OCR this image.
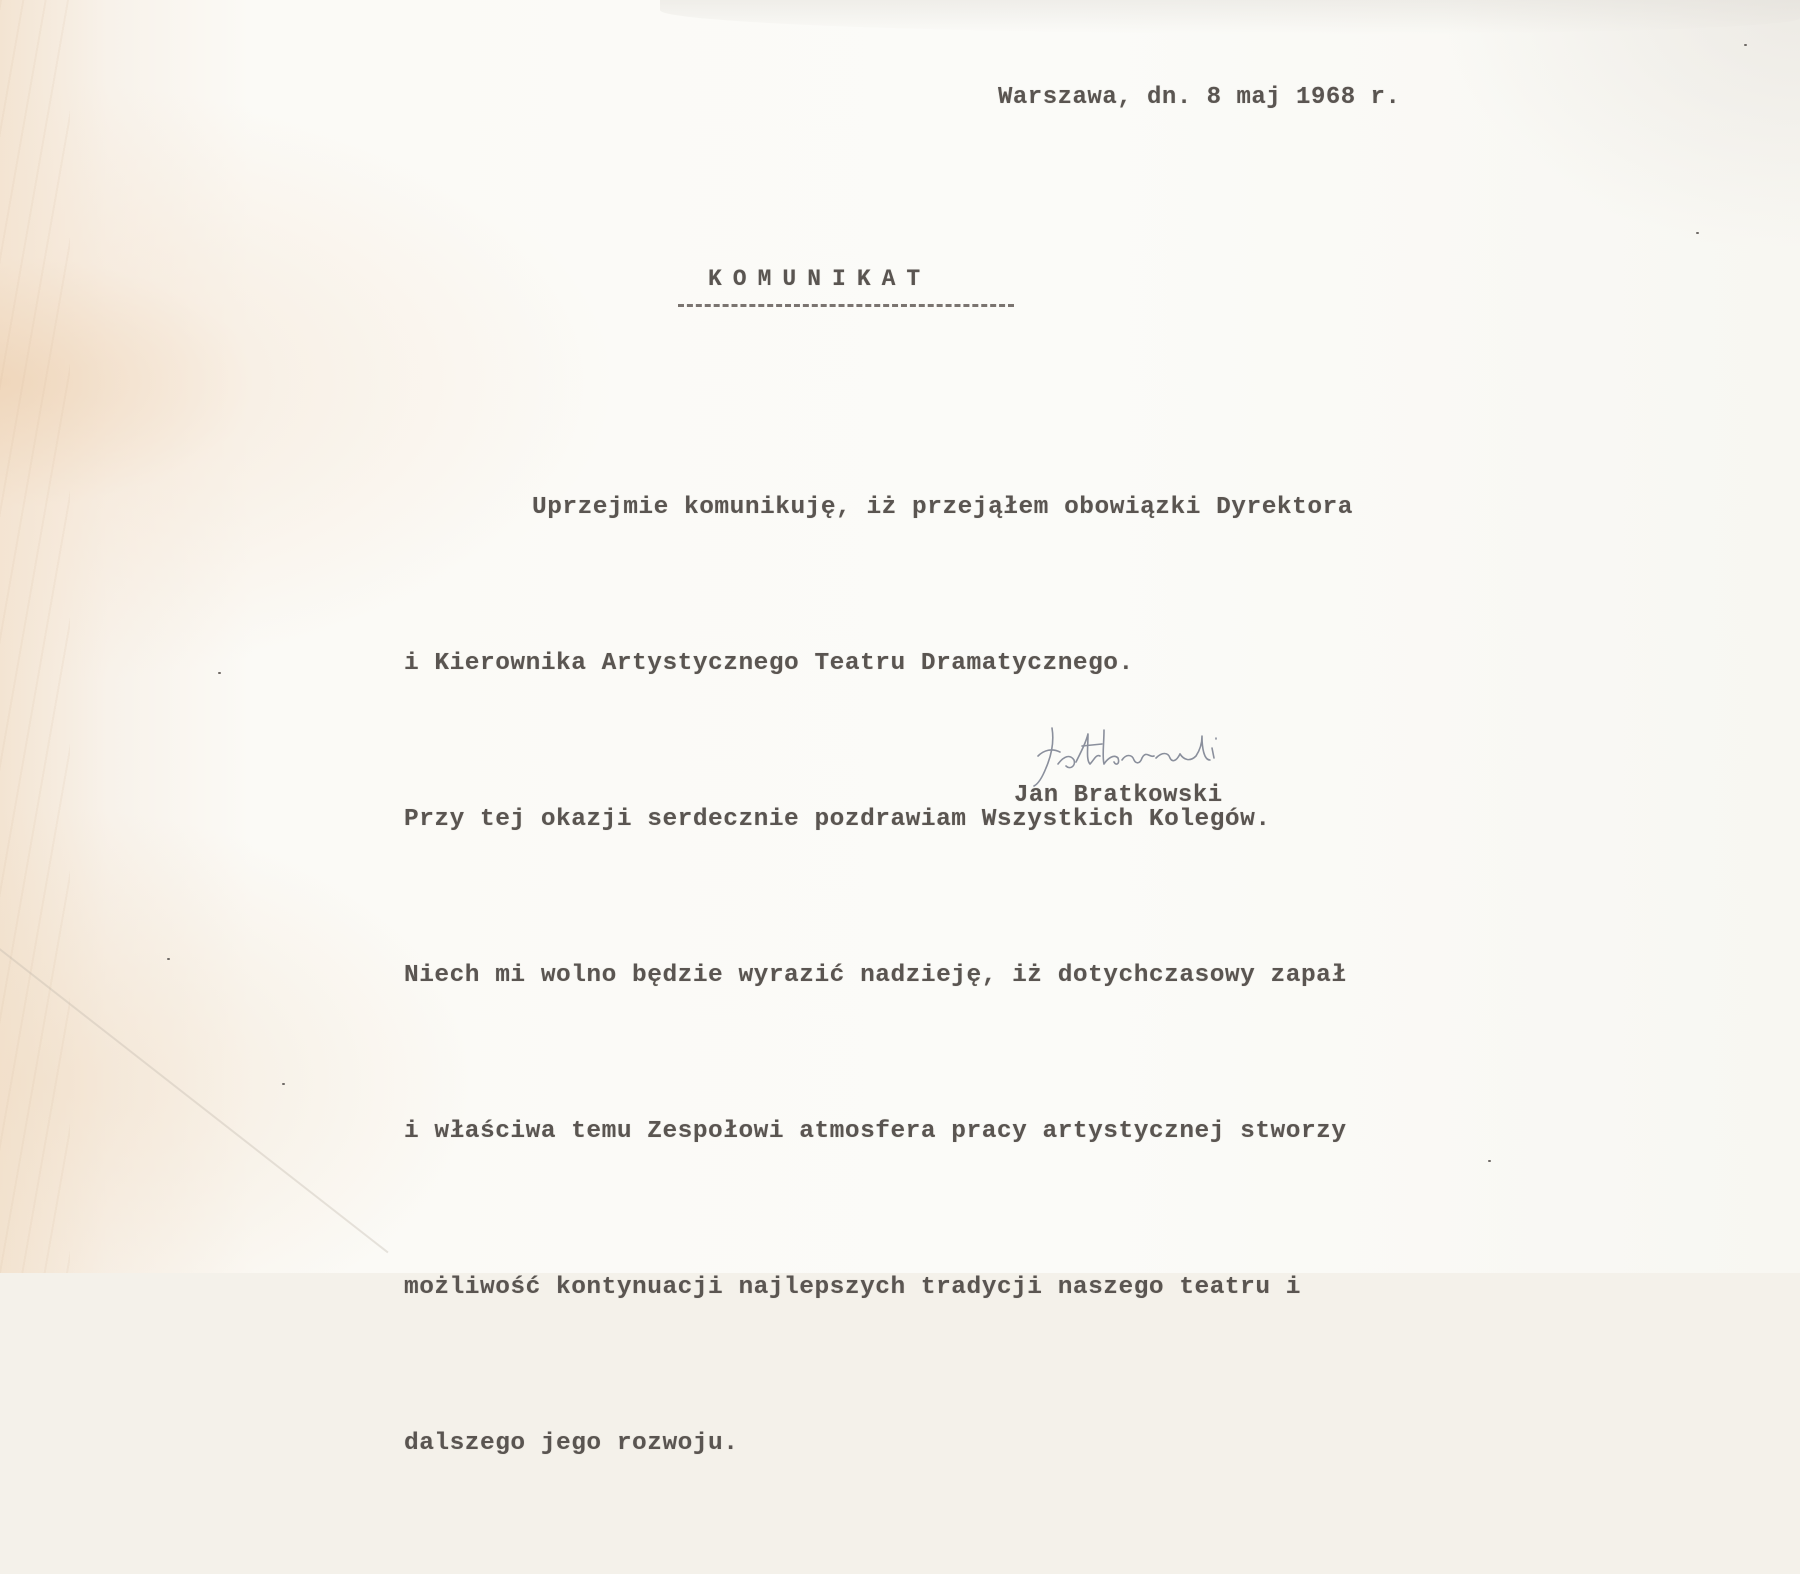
Warszawa, dn. 8 maj 1968 r.

KOMUNIKAT

Uprzejmie komunikuję, iż przejąłem obowiązki Dyrektora

i Kierownika Artystycznego Teatru Dramatycznego.

Przy tej okazji serdecznie pozdrawiam Wszystkich Kolegów.

Niech mi wolno będzie wyrazić nadzieję, iż dotychczasowy zapał

i właściwa temu Zespołowi atmosfera pracy artystycznej stworzy

możliwość kontynuacji najlepszych tradycji naszego teatru i

dalszego jego rozwoju.

Jan Bratkowski
